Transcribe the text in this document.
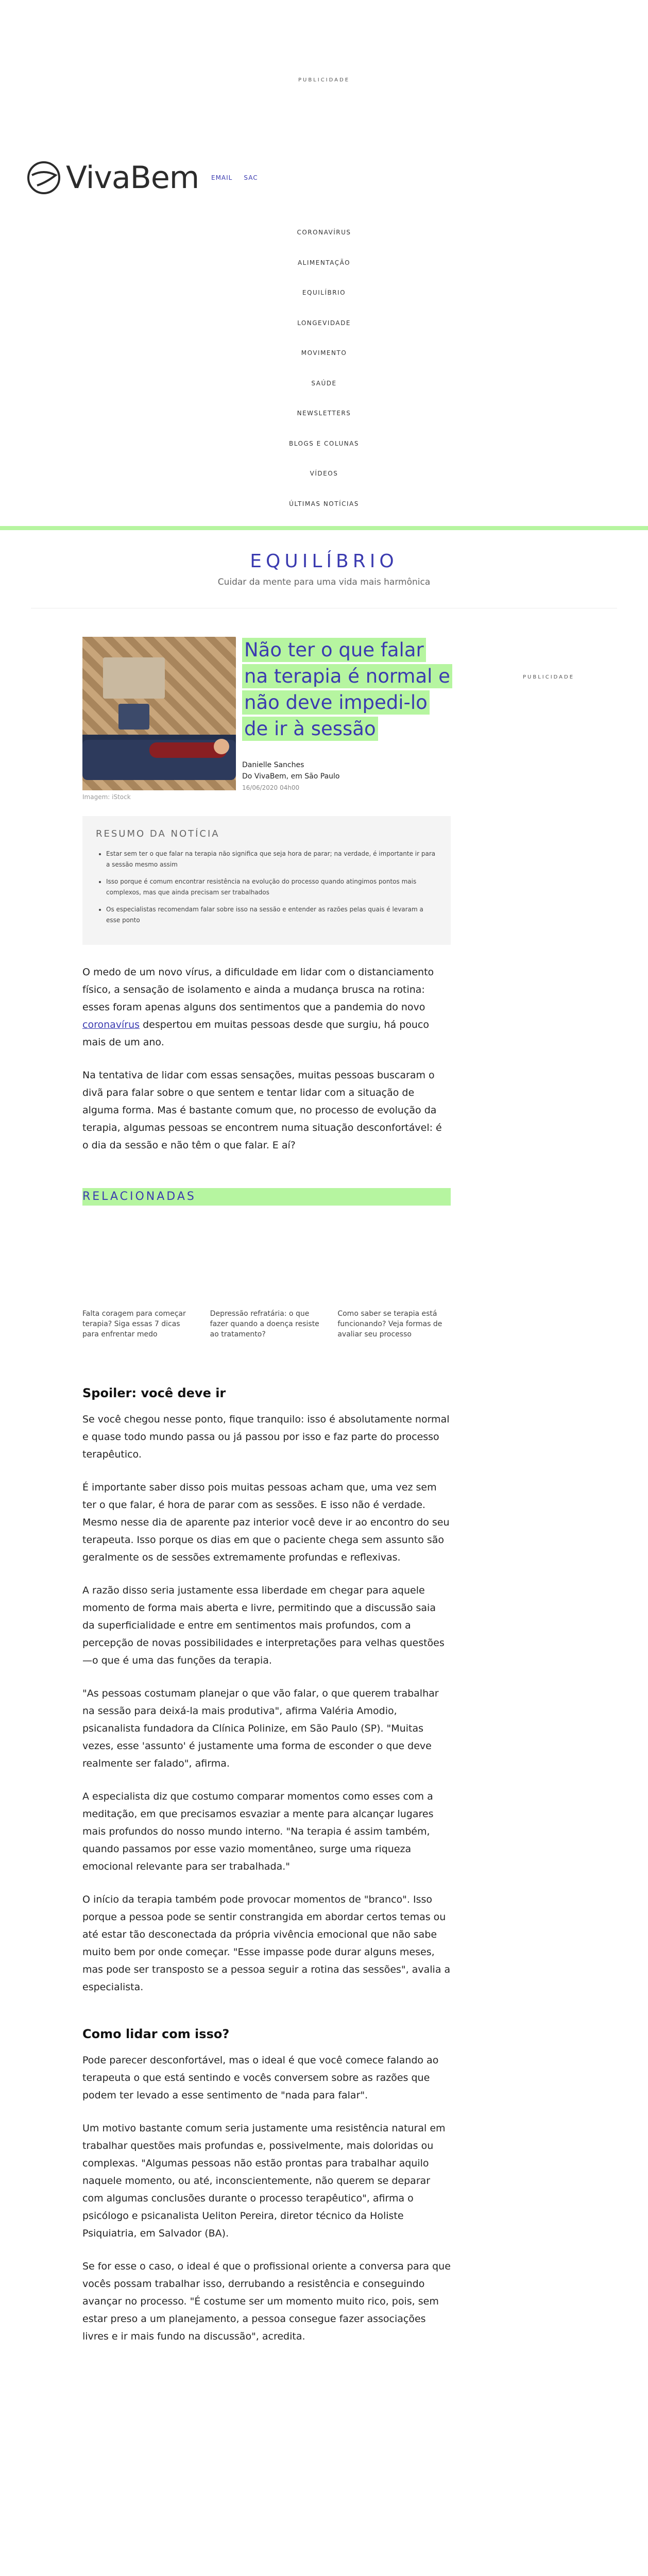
PUBLICIDADE
VivaBem EMAIL SAC
CORONAVÍRUS
ALIMENTAÇÃO
EQUILÍBRIO
LONGEVIDADE
MOVIMENTO
SAÚDE
NEWSLETTERS
BLOGS E COLUNAS
VÍDEOS
ÚLTIMAS NOTÍCIAS
EQUILÍBRIO

Cuidar da mente para uma vida mais harmônica

PUBLICIDADE
Imagem: iStock
Não ter o que falar na terapia é normal e não deve impedi-lo de ir à sessão
Danielle Sanches
Do VivaBem, em São Paulo
16/06/2020 04h00
RESUMO DA NOTÍCIA
• Estar sem ter o que falar na terapia não significa que seja hora de parar; na verdade, é importante ir para a sessão mesmo assim
• Isso porque é comum encontrar resistência na evolução do processo quando atingimos pontos mais complexos, mas que ainda precisam ser trabalhados
• Os especialistas recomendam falar sobre isso na sessão e entender as razões pelas quais é levaram a esse ponto

O medo de um novo vírus, a dificuldade em lidar com o distanciamento físico, a sensação de isolamento e ainda a mudança brusca na rotina: esses foram apenas alguns dos sentimentos que a pandemia do novo coronavírus despertou em muitas pessoas desde que surgiu, há pouco mais de um ano.

Na tentativa de lidar com essas sensações, muitas pessoas buscaram o divã para falar sobre o que sentem e tentar lidar com a situação de alguma forma. Mas é bastante comum que, no processo de evolução da terapia, algumas pessoas se encontrem numa situação desconfortável: é o dia da sessão e não têm o que falar. E aí?

RELACIONADAS
Falta coragem para começar terapia? Siga essas 7 dicas para enfrentar medo
Depressão refratária: o que fazer quando a doença resiste ao tratamento?
Como saber se terapia está funcionando? Veja formas de avaliar seu processo
Spoiler: você deve ir

Se você chegou nesse ponto, fique tranquilo: isso é absolutamente normal e quase todo mundo passa ou já passou por isso e faz parte do processo terapêutico.

É importante saber disso pois muitas pessoas acham que, uma vez sem ter o que falar, é hora de parar com as sessões. E isso não é verdade. Mesmo nesse dia de aparente paz interior você deve ir ao encontro do seu terapeuta. Isso porque os dias em que o paciente chega sem assunto são geralmente os de sessões extremamente profundas e reflexivas.

A razão disso seria justamente essa liberdade em chegar para aquele momento de forma mais aberta e livre, permitindo que a discussão saia da superficialidade e entre em sentimentos mais profundos, com a percepção de novas possibilidades e interpretações para velhas questões—o que é uma das funções da terapia.

"As pessoas costumam planejar o que vão falar, o que querem trabalhar na sessão para deixá-la mais produtiva", afirma Valéria Amodio, psicanalista fundadora da Clínica Polinize, em São Paulo (SP). "Muitas vezes, esse 'assunto' é justamente uma forma de esconder o que deve realmente ser falado", afirma.

A especialista diz que costumo comparar momentos como esses com a meditação, em que precisamos esvaziar a mente para alcançar lugares mais profundos do nosso mundo interno. "Na terapia é assim também, quando passamos por esse vazio momentâneo, surge uma riqueza emocional relevante para ser trabalhada."

O início da terapia também pode provocar momentos de "branco". Isso porque a pessoa pode se sentir constrangida em abordar certos temas ou até estar tão desconectada da própria vivência emocional que não sabe muito bem por onde começar. "Esse impasse pode durar alguns meses, mas pode ser transposto se a pessoa seguir a rotina das sessões", avalia a especialista.

Como lidar com isso?

Pode parecer desconfortável, mas o ideal é que você comece falando ao terapeuta o que está sentindo e vocês conversem sobre as razões que podem ter levado a esse sentimento de "nada para falar".

Um motivo bastante comum seria justamente uma resistência natural em trabalhar questões mais profundas e, possivelmente, mais doloridas ou complexas. "Algumas pessoas não estão prontas para trabalhar aquilo naquele momento, ou até, inconscientemente, não querem se deparar com algumas conclusões durante o processo terapêutico", afirma o psicólogo e psicanalista Ueliton Pereira, diretor técnico da Holiste Psiquiatria, em Salvador (BA).

Se for esse o caso, o ideal é que o profissional oriente a conversa para que vocês possam trabalhar isso, derrubando a resistência e conseguindo avançar no processo. "É costume ser um momento muito rico, pois, sem estar preso a um planejamento, a pessoa consegue fazer associações livres e ir mais fundo na discussão", acredita.
